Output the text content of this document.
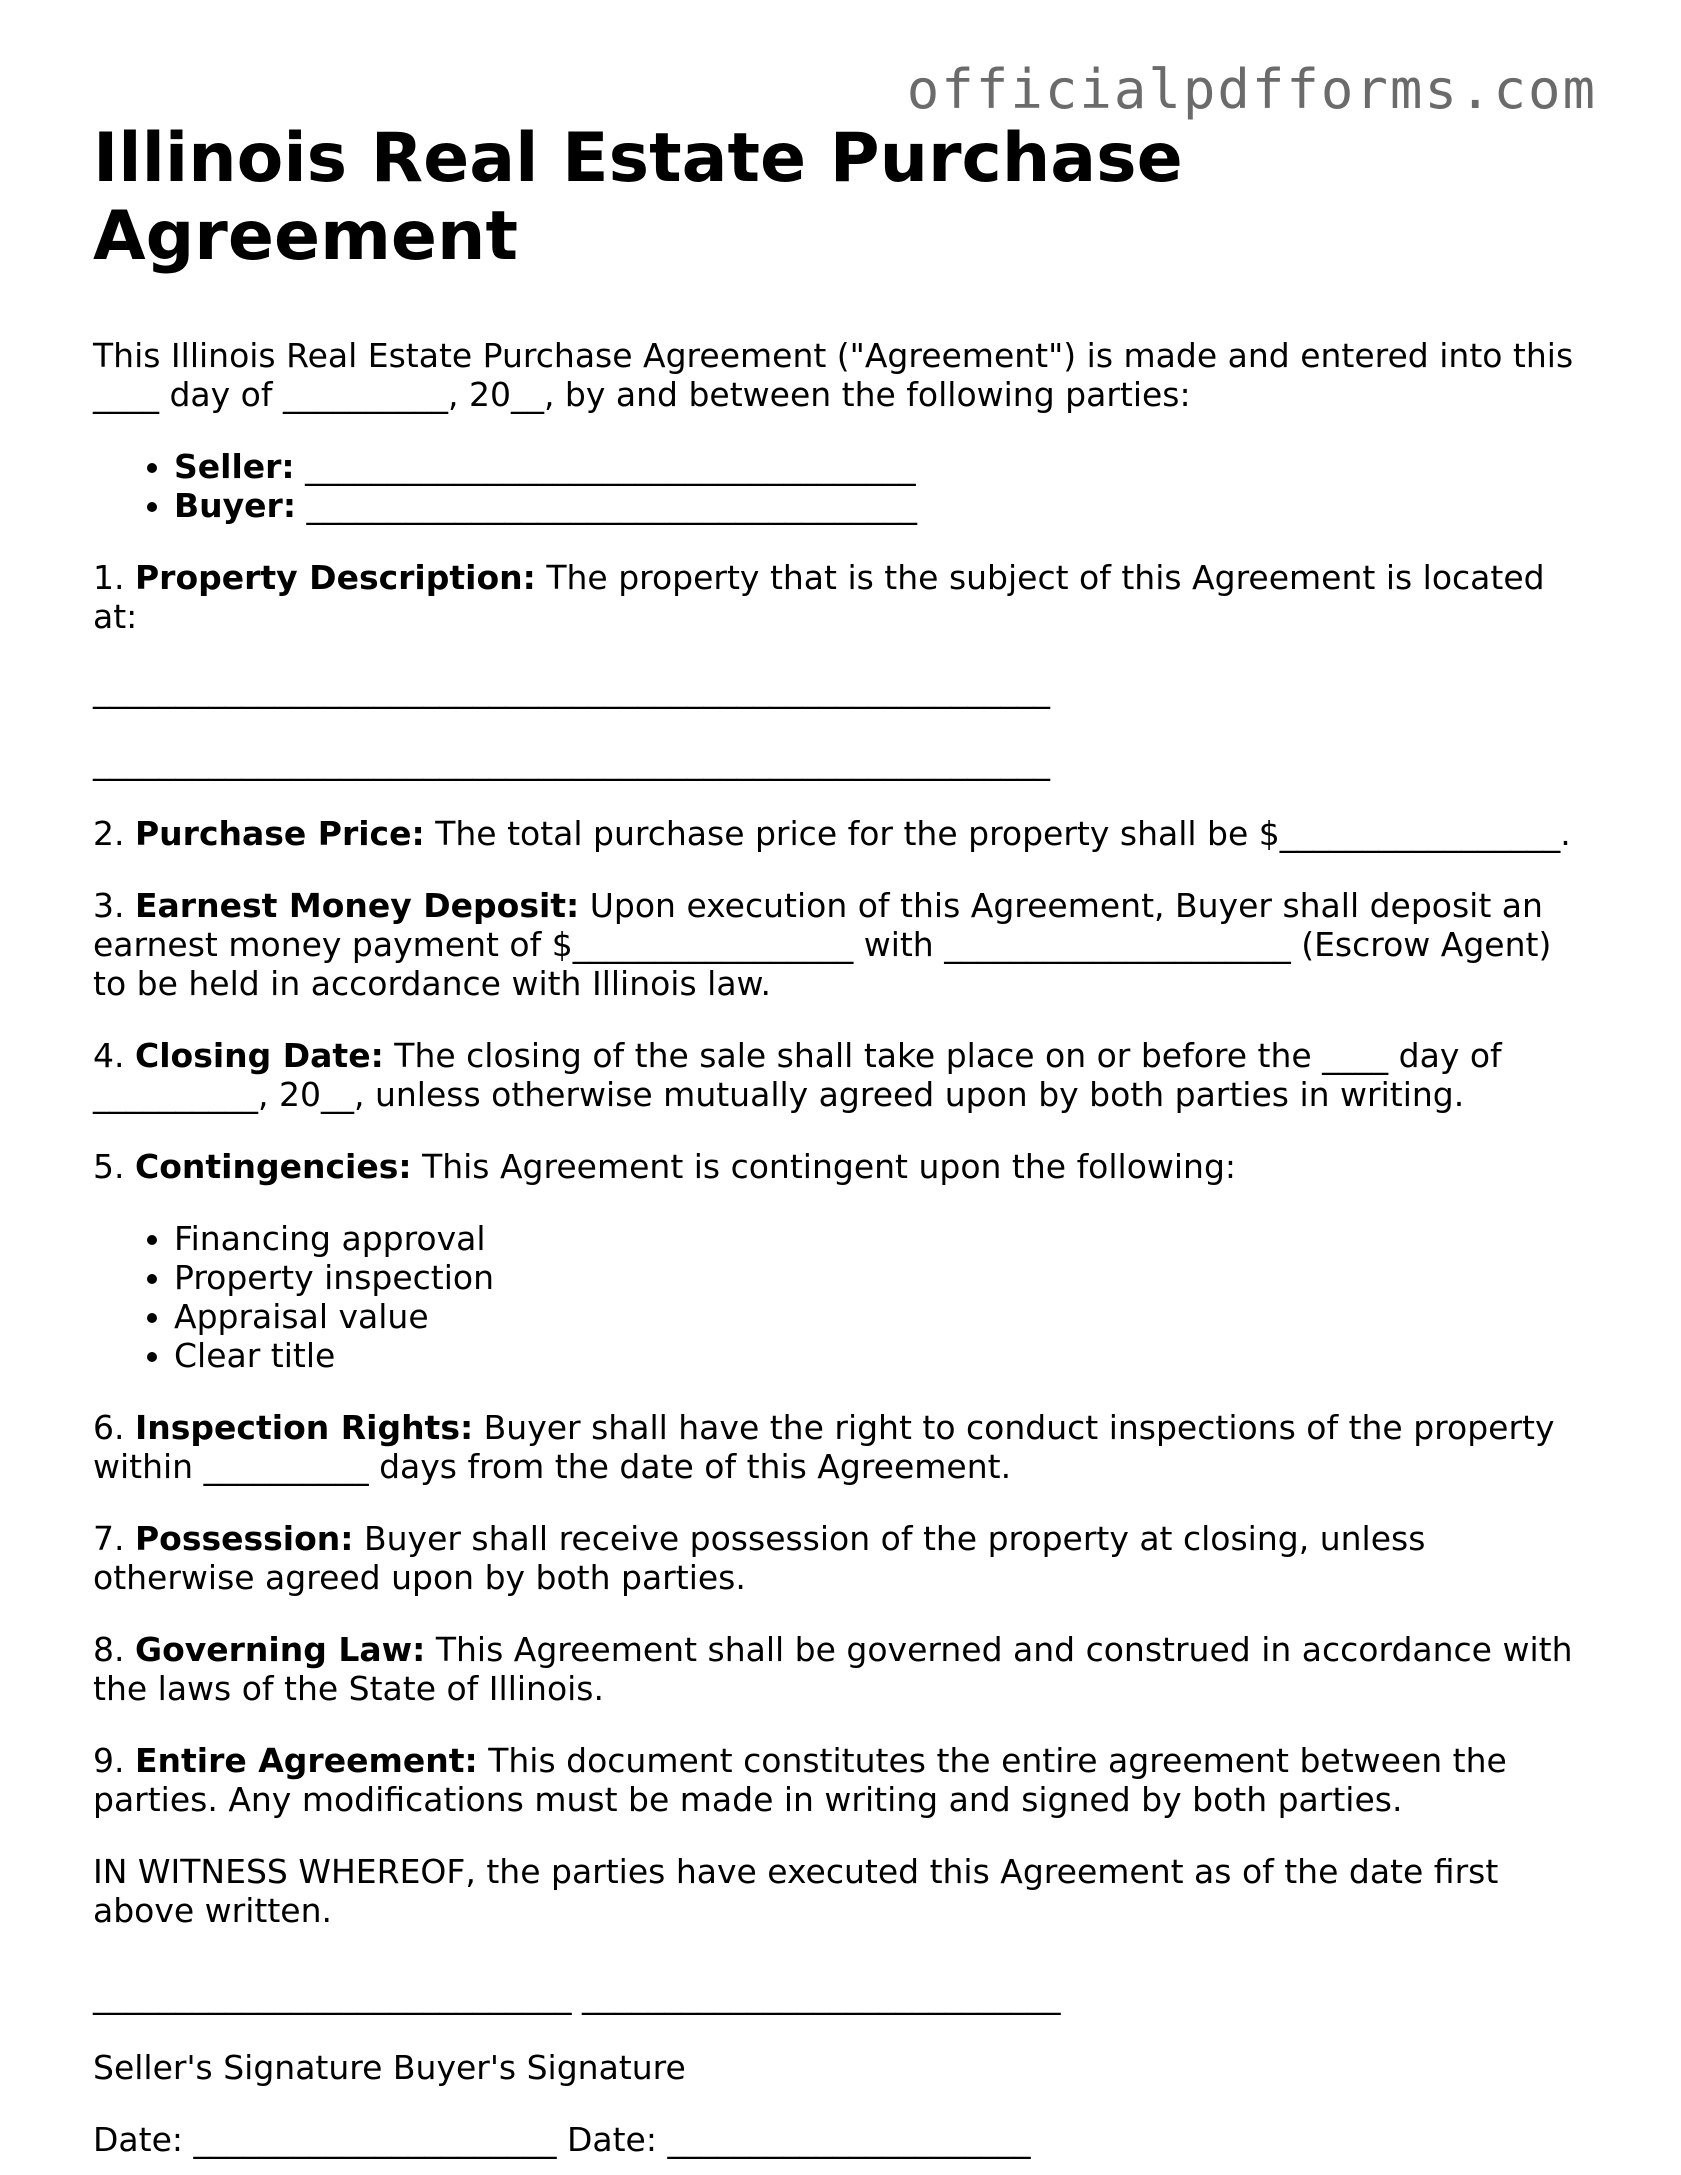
officialpdfforms.com
Illinois Real Estate Purchase Agreement

This Illinois Real Estate Purchase Agreement ("Agreement") is made and entered into this ____ day of __________, 20__, by and between the following parties:

• Seller: _____________________________________
• Buyer: _____________________________________

1. Property Description: The property that is the subject of this Agreement is located at:

__________________________________________________________
__________________________________________________________

2. Purchase Price: The total purchase price for the property shall be $_________________.

3. Earnest Money Deposit: Upon execution of this Agreement, Buyer shall deposit an earnest money payment of $_________________ with _____________________ (Escrow Agent) to be held in accordance with Illinois law.

4. Closing Date: The closing of the sale shall take place on or before the ____ day of __________, 20__, unless otherwise mutually agreed upon by both parties in writing.

5. Contingencies: This Agreement is contingent upon the following:

• Financing approval
• Property inspection
• Appraisal value
• Clear title

6. Inspection Rights: Buyer shall have the right to conduct inspections of the property within __________ days from the date of this Agreement.

7. Possession: Buyer shall receive possession of the property at closing, unless otherwise agreed upon by both parties.

8. Governing Law: This Agreement shall be governed and construed in accordance with the laws of the State of Illinois.

9. Entire Agreement: This document constitutes the entire agreement between the parties. Any modifications must be made in writing and signed by both parties.

IN WITNESS WHEREOF, the parties have executed this Agreement as of the date first above written.

_____________________________ _____________________________

Seller's Signature Buyer's Signature

Date: ______________________ Date: ______________________
